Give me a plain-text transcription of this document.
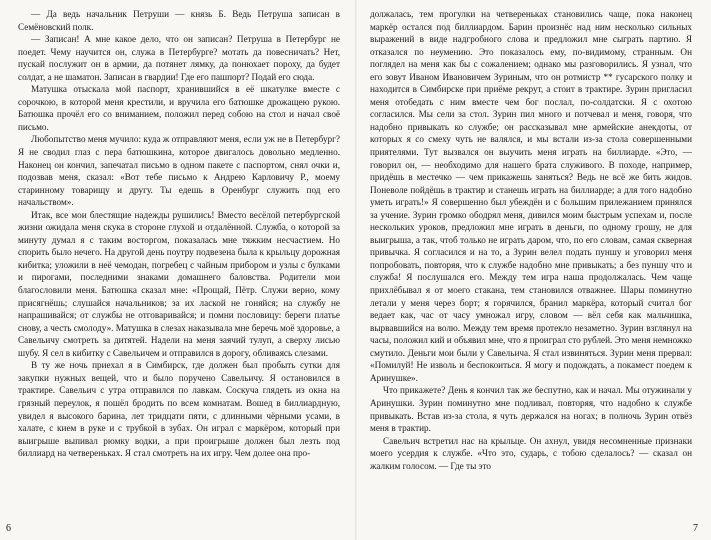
— Да ведь начальник Петруши — князь Б. Ведь Петруша записан в Семёновский полк.

— Записан! А мне какое дело, что он записан? Петруша в Петербург не поедет. Чему научится он, служа в Петербурге? мотать да повесничать? Нет, пускай послужит он в армии, да потянет лямку, да понюхает пороху, да будет солдат, а не шаматон. Записан в гвардии! Где его пашпорт? Подай его сюда.

Матушка отыскала мой паспорт, хранившийся в её шкатулке вместе с сорочкою, в которой меня крестили, и вручила его батюшке дрожащею рукою. Батюшка прочёл его со вниманием, положил перед собою на стол и начал своё письмо.

Любопытство меня мучило: куда ж отправляют меня, если уж не в Петербург? Я не сводил глаз с пера батюшкина, которое двигалось довольно медленно. Наконец он кончил, запечатал письмо в одном пакете с паспортом, снял очки и, подозвав меня, сказал: «Вот тебе письмо к Андрею Карловичу Р., моему старинному товарищу и другу. Ты едешь в Оренбург служить под его начальством».

Итак, все мои блестящие надежды рушились! Вместо весёлой петербургской жизни ожидала меня скука в стороне глухой и отдалённой. Служба, о которой за минуту думал я с таким восторгом, показалась мне тяжким несчастием. Но спорить было нечего. На другой день поутру подвезена была к крыльцу дорожная кибитка; уложили в неё чемодан, погребец с чайным прибором и узлы с булками и пирогами, последними знаками домашнего баловства. Родители мои благословили меня. Батюшка сказал мне: «Прощай, Пётр. Служи верно, кому присягнёшь; слушайся начальников; за их лаской не гоняйся; на службу не напрашивайся; от службы не отговаривайся; и помни пословицу: береги платье снову, а честь смолоду». Матушка в слезах наказывала мне беречь моё здоровье, а Савельичу смотреть за дитятей. Надели на меня заячий тулуп, а сверху лисью шубу. Я сел в кибитку с Савельичем и отправился в дорогу, обливаясь слезами.

В ту же ночь приехал я в Симбирск, где должен был пробыть сутки для закупки нужных вещей, что и было поручено Савельичу. Я остановился в трактире. Савельич с утра отправился по лавкам. Соскуча глядеть из окна на грязный переулок, я пошёл бродить по всем комнатам. Вошед в биллиардную, увидел я высокого барина, лет тридцати пяти, с длинными чёрными усами, в халате, с кием в руке и с трубкой в зубах. Он играл с маркёром, который при выигрыше выпивал рюмку водки, а при проигрыше должен был лезть под биллиард на четвереньках. Я стал смотреть на их игру. Чем долее она про-

должалась, тем прогулки на четвереньках становились чаще, пока наконец маркёр остался под биллиардом. Барин произнёс над ним несколько сильных выражений в виде надгробного слова и предложил мне сыграть партию. Я отказался по неумению. Это показалось ему, по-видимому, странным. Он поглядел на меня как бы с сожалением; однако мы разговорились. Я узнал, что его зовут Иваном Ивановичем Зуриным, что он ротмистр ** гусарского полку и находится в Симбирске при приёме рекрут, а стоит в трактире. Зурин пригласил меня отобедать с ним вместе чем бог послал, по-солдатски. Я с охотою согласился. Мы сели за стол. Зурин пил много и потчевал и меня, говоря, что надобно привыкать ко службе; он рассказывал мне армейские анекдоты, от которых я со смеху чуть не валялся, и мы встали из-за стола совершенными приятелями. Тут вызвался он выучить меня играть на биллиарде. «Это, — говорил он, — необходимо для нашего брата служивого. В походе, например, придёшь в местечко — чем прикажешь заняться? Ведь не всё же бить жидов. Поневоле пойдёшь в трактир и станешь играть на биллиарде; а для того надобно уметь играть!» Я совершенно был убеждён и с большим прилежанием принялся за учение. Зурин громко ободрял меня, дивился моим быстрым успехам и, после нескольких уроков, предложил мне играть в деньги, по одному грошу, не для выигрыша, а так, чтоб только не играть даром, что, по его словам, самая скверная привычка. Я согласился и на то, а Зурин велел подать пуншу и уговорил меня попробовать, повторяя, что к службе надобно мне привыкать; а без пуншу что и служба! Я послушался его. Между тем игра наша продолжалась. Чем чаще прихлёбывал я от моего стакана, тем становился отважнее. Шары поминутно летали у меня через борт; я горячился, бранил маркёра, который считал бог ведает как, час от часу умножал игру, словом — вёл себя как мальчишка, вырвавшийся на волю. Между тем время протекло незаметно. Зурин взглянул на часы, положил кий и объявил мне, что я проиграл сто рублей. Это меня немножко смутило. Деньги мои были у Савельича. Я стал извиняться. Зурин меня прервал: «Помилуй! Не изволь и беспокоиться. Я могу и подождать, а покамест поедем к Аринушке».

Что прикажете? День я кончил так же беспутно, как и начал. Мы отужинали у Аринушки. Зурин поминутно мне подливал, повторяя, что надобно к службе привыкать. Встав из-за стола, я чуть держался на ногах; в полночь Зурин отвёз меня в трактир.

Савельич встретил нас на крыльце. Он ахнул, увидя несомненные признаки моего усердия к службе. «Что это, сударь, с тобою сделалось? — сказал он жалким голосом. — Где ты это

6	7
